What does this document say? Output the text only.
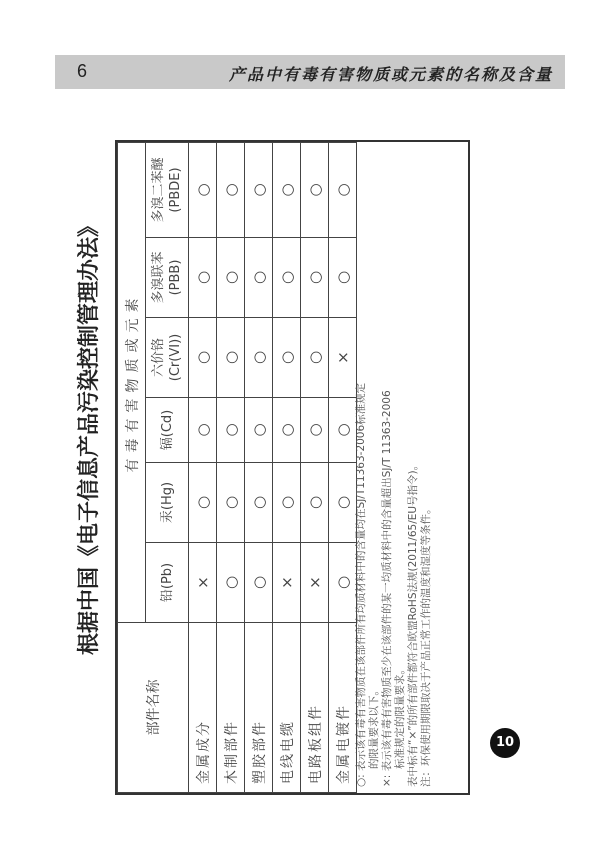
6	产品中有毒有害物质或元素的名称及含量
根据中国《电子信息产品污染控制管理办法》
部件名称	有毒有害物质或元素					
	铅(Pb)	汞(Hg)	镉(Cd)	六价铬 (Cr(VI))	多溴联苯 (PBB)	多溴二苯醚 (PBDE)
金属成分	×	○	○	○	○	○
木制部件	○	○	○	○	○	○
塑胶部件	○	○	○	○	○	○
电线电缆	×	○	○	○	○	○
电路板组件	×	○	○	○	○	○
金属电镀件	○	○	○	×	○	○
○: 表示该有毒有害物质在该部件所有均质材料中的含量均在SJ/T11363-2006标准规定 的限量要求以下。 ×: 表示该有毒有害物质至少在该部件的某一均质材料中的含量超出SJ/T 11363-2006 标准规定的限量要求。 表中标有“×”的所有部件都符合欧盟RoHS法规(2011/65/EU号指令)。 注：环保使用期限取决于产品正常工作的温度和湿度等条件。	10
